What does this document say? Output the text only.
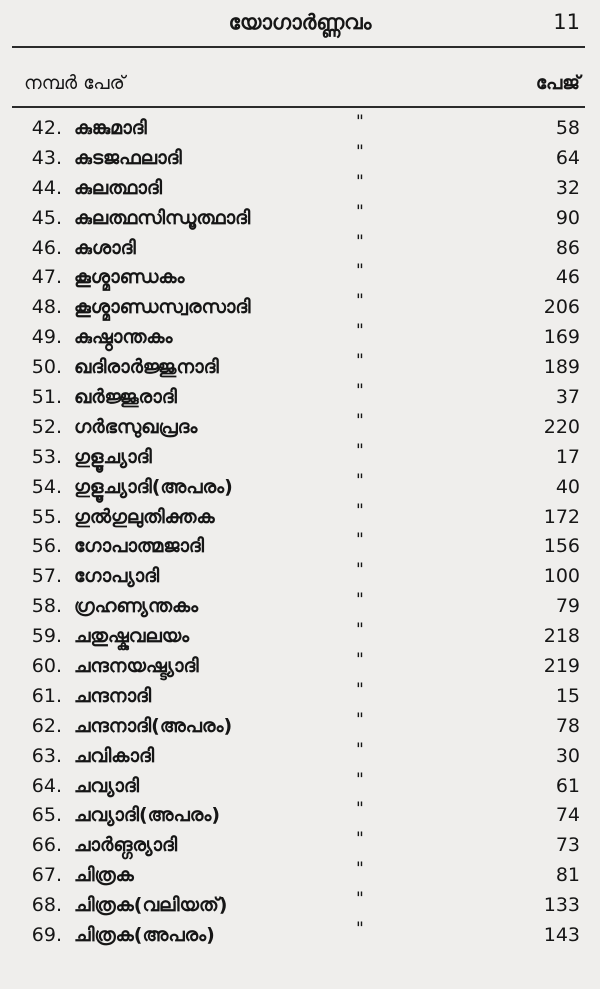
യോഗാർണ്ണവം	11
നമ്പർ പേര്	പേജ്
42. കുങ്കുമാദി	"	58
43. കുടജഫലാദി	"	64
44. കുലത്ഥാദി	"	32
45. കുലത്ഥസിന്ധൂത്ഥാദി	"	90
46. കുശാദി	"	86
47. കൂശ്മാണ്ഡകം	"	46
48. കൂശ്മാണ്ഡസ്വരസാദി	"	206
49. കുഷ്ഠാന്തകം	"	169
50. ഖദിരാർജ്ജുനാദി	"	189
51. ഖർജ്ജൂരാദി	"	37
52. ഗർഭസുഖപ്രദം	"	220
53. ഗുളൂച്യാദി	"	17
54. ഗുളൂച്യാദി(അപരം)	"	40
55. ഗുൽഗുലുതിക്തക	"	172
56. ഗോപാത്മജാദി	"	156
57. ഗോപ്യാദി	"	100
58. ഗ്രഹണ്യന്തകം	"	79
59. ചതുഷ്കുവലയം	"	218
60. ചന്ദനയഷ്ട്യാദി	"	219
61. ചന്ദനാദി	"	15
62. ചന്ദനാദി(അപരം)	"	78
63. ചവികാദി	"	30
64. ചവ്യാദി	"	61
65. ചവ്യാദി(അപരം)	"	74
66. ചാർങ്ഗര്യാദി	"	73
67. ചിത്രക	"	81
68. ചിത്രക(വലിയത്)	"	133
69. ചിത്രക(അപരം)	"	143
